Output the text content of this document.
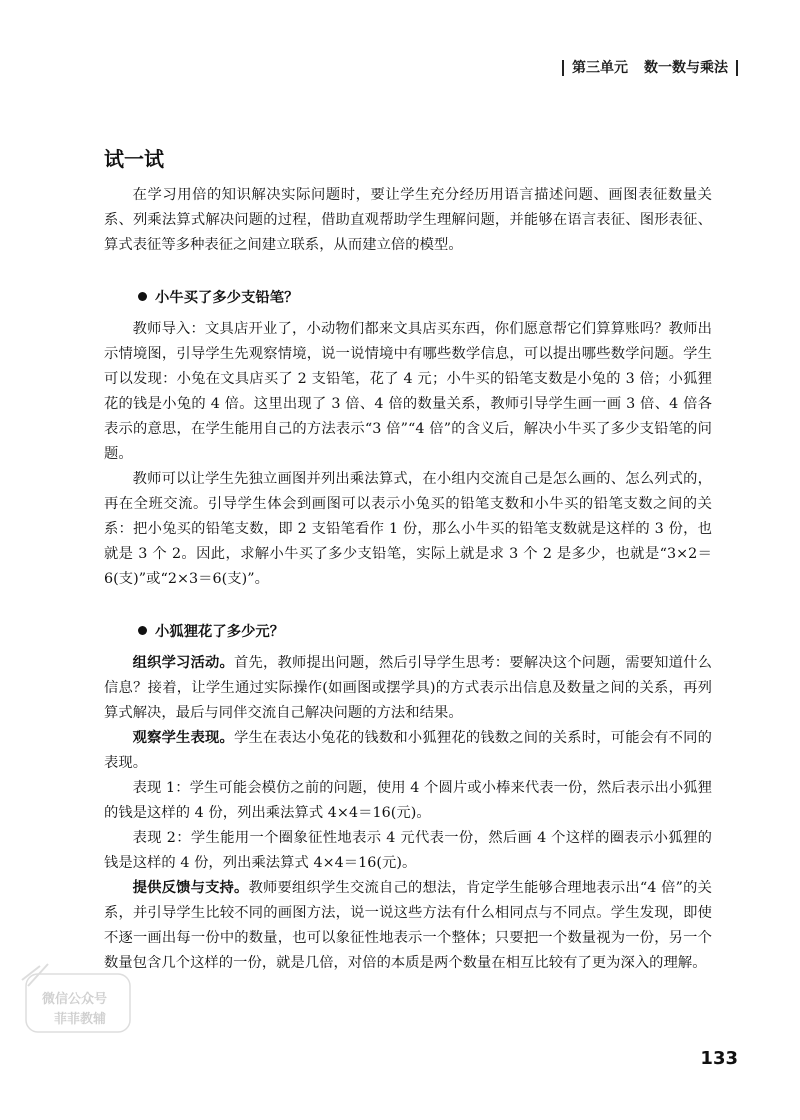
第三单元 数一数与乘法
试一试

在学习用倍的知识解决实际问题时，要让学生充分经历用语言描述问题、画图表征数量关系、列乘法算式解决问题的过程，借助直观帮助学生理解问题，并能够在语言表征、图形表征、算式表征等多种表征之间建立联系，从而建立倍的模型。

小牛买了多少支铅笔？

教师导入：文具店开业了，小动物们都来文具店买东西，你们愿意帮它们算算账吗？教师出示情境图，引导学生先观察情境，说一说情境中有哪些数学信息，可以提出哪些数学问题。学生可以发现：小兔在文具店买了 2 支铅笔，花了 4 元；小牛买的铅笔支数是小兔的 3 倍；小狐狸花的钱是小兔的 4 倍。这里出现了 3 倍、4 倍的数量关系，教师引导学生画一画 3 倍、4 倍各表示的意思，在学生能用自己的方法表示“3 倍”“4 倍”的含义后，解决小牛买了多少支铅笔的问题。

教师可以让学生先独立画图并列出乘法算式，在小组内交流自己是怎么画的、怎么列式的，再在全班交流。引导学生体会到画图可以表示小兔买的铅笔支数和小牛买的铅笔支数之间的关系：把小兔买的铅笔支数，即 2 支铅笔看作 1 份，那么小牛买的铅笔支数就是这样的 3 份，也就是 3 个 2。因此，求解小牛买了多少支铅笔，实际上就是求 3 个 2 是多少，也就是“3×2＝6(支)”或“2×3＝6(支)”。

小狐狸花了多少元？

组织学习活动。首先，教师提出问题，然后引导学生思考：要解决这个问题，需要知道什么信息？接着，让学生通过实际操作(如画图或摆学具)的方式表示出信息及数量之间的关系，再列算式解决，最后与同伴交流自己解决问题的方法和结果。

观察学生表现。学生在表达小兔花的钱数和小狐狸花的钱数之间的关系时，可能会有不同的表现。

表现 1：学生可能会模仿之前的问题，使用 4 个圆片或小棒来代表一份，然后表示出小狐狸的钱是这样的 4 份，列出乘法算式 4×4＝16(元)。

表现 2：学生能用一个圈象征性地表示 4 元代表一份，然后画 4 个这样的圈表示小狐狸的钱是这样的 4 份，列出乘法算式 4×4＝16(元)。

提供反馈与支持。教师要组织学生交流自己的想法，肯定学生能够合理地表示出“4 倍”的关系，并引导学生比较不同的画图方法，说一说这些方法有什么相同点与不同点。学生发现，即使不逐一画出每一份中的数量，也可以象征性地表示一个整体；只要把一个数量视为一份，另一个数量包含几个这样的一份，就是几倍，对倍的本质是两个数量在相互比较有了更为深入的理解。

微信公众号
菲菲教辅
133
